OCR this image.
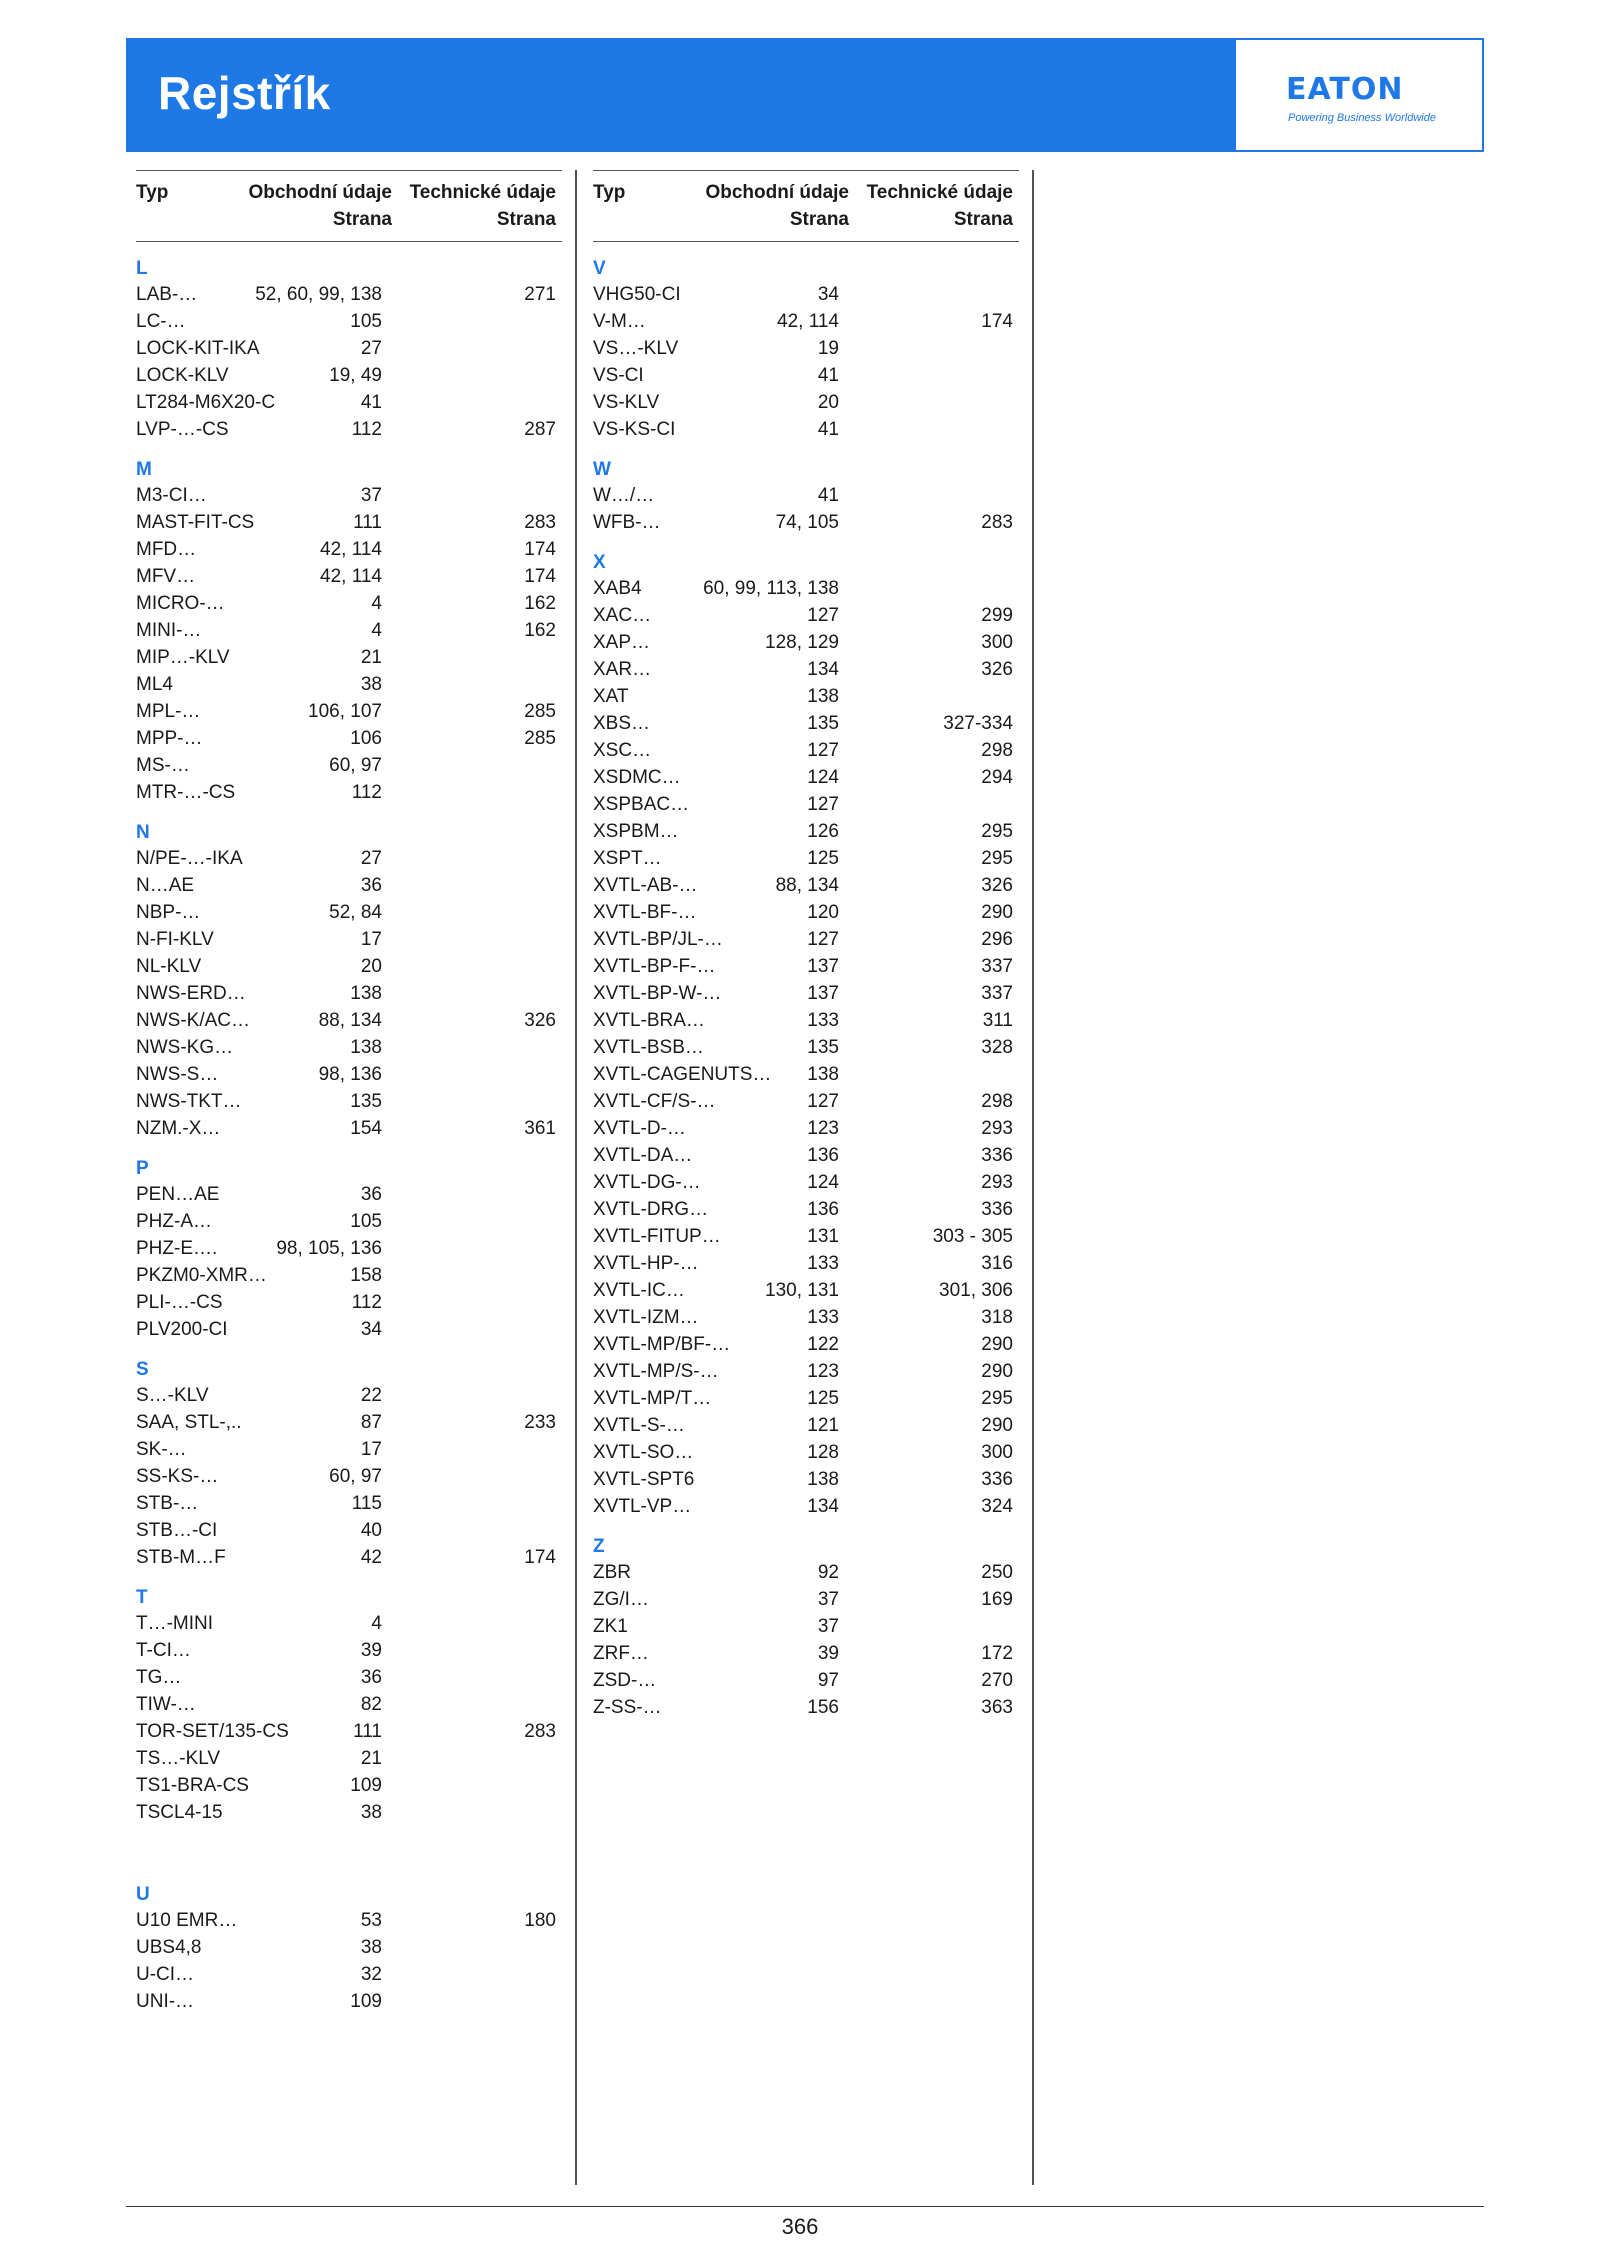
Rejstřík	EATON
Powering Business Worldwide
Typ	Obchodní údaje Technické údaje
Strana	Strana
L
LAB-…	52, 60, 99, 138	271
LC-…	105
LOCK-KIT-IKA	27
LOCK-KLV	19, 49
LT284-M6X20-C	41
LVP-…-CS	112	287
M
M3-CI…	37
MAST-FIT-CS	111	283
MFD…	42, 114	174
MFV…	42, 114	174
MICRO-…	4	162
MINI-…	4	162
MIP…-KLV	21
ML4	38
MPL-…	106, 107	285
MPP-…	106	285
MS-…	60, 97
MTR-…-CS	112
N
N/PE-…-IKA	27
N…AE	36
NBP-…	52, 84
N-FI-KLV	17
NL-KLV	20
NWS-ERD…	138
NWS-K/AC…	88, 134	326
NWS-KG…	138
NWS-S…	98, 136
NWS-TKT…	135
NZM.-X…	154	361
P
PEN…AE	36
PHZ-A…	105
PHZ-E….	98, 105, 136
PKZM0-XMR…	158
PLI-…-CS	112
PLV200-CI	34
S
S…-KLV	22
SAA, STL-,..	87	233
SK-…	17
SS-KS-…	60, 97
STB-…	115
STB…-CI	40
STB-M…F	42	174
T
T…-MINI	4
T-CI…	39
TG…	36
TIW-…	82
TOR-SET/135-CS	111	283
TS…-KLV	21
TS1-BRA-CS	109
TSCL4-15	38
U
U10 EMR…	53	180
UBS4,8	38
U-CI…	32
UNI-…	109
Typ	Obchodní údaje Technické údaje
Strana	Strana
V
VHG50-CI	34
V-M…	42, 114	174
VS…-KLV	19
VS-CI	41
VS-KLV	20
VS-KS-CI	41
W
W…/…	41
WFB-…	74, 105	283
X
XAB4	60, 99, 113, 138
XAC…	127	299
XAP…	128, 129	300
XAR…	134	326
XAT	138
XBS…	135	327-334
XSC…	127	298
XSDMC…	124	294
XSPBAC…	127
XSPBM…	126	295
XSPT…	125	295
XVTL-AB-…	88, 134	326
XVTL-BF-…	120	290
XVTL-BP/JL-…	127	296
XVTL-BP-F-…	137	337
XVTL-BP-W-…	137	337
XVTL-BRA…	133	311
XVTL-BSB…	135	328
XVTL-CAGENUTS… 138
XVTL-CF/S-…	127	298
XVTL-D-…	123	293
XVTL-DA…	136	336
XVTL-DG-…	124	293
XVTL-DRG…	136	336
XVTL-FITUP…	131	303 - 305
XVTL-HP-…	133	316
XVTL-IC…	130, 131	301, 306
XVTL-IZM…	133	318
XVTL-MP/BF-…	122	290
XVTL-MP/S-…	123	290
XVTL-MP/T…	125	295
XVTL-S-…	121	290
XVTL-SO…	128	300
XVTL-SPT6	138	336
XVTL-VP…	134	324
Z
ZBR	92	250
ZG/I…	37	169
ZK1	37
ZRF…	39	172
ZSD-…	97	270
Z-SS-…	156	363
366
